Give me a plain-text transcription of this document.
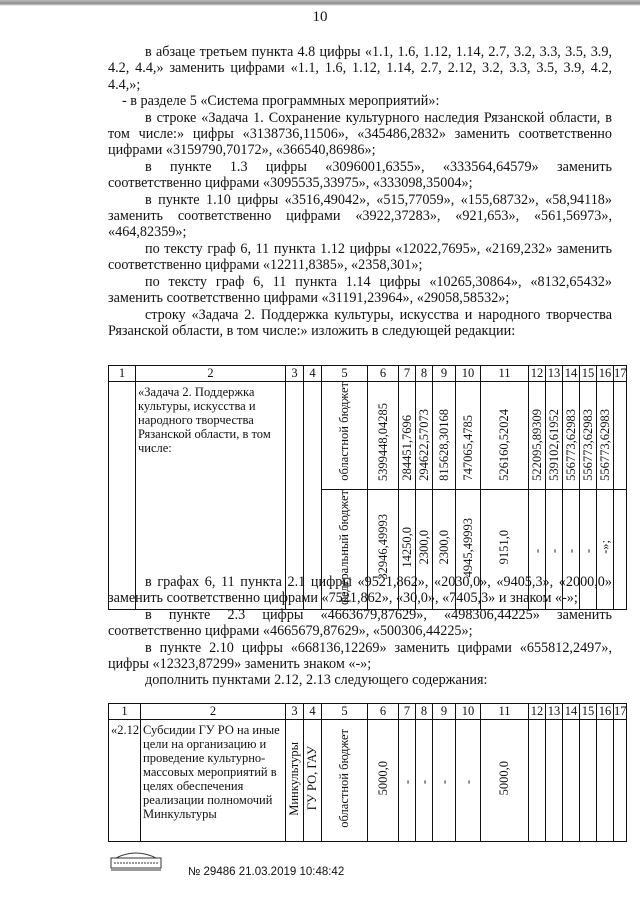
10

в абзаце третьем пункта 4.8 цифры «1.1, 1.6, 1.12, 1.14, 2.7, 3.2, 3.3, 3.5, 3.9, 4.2, 4.4,» заменить цифрами «1.1, 1.6, 1.12, 1.14, 2.7, 2.12, 3.2, 3.3, 3.5, 3.9, 4.2, 4.4,»;

- в разделе 5 «Система программных мероприятий»:

в строке «Задача 1. Сохранение культурного наследия Рязанской области, в том числе:» цифры «3138736,11506», «345486,2832» заменить соответственно цифрами «3159790,70172», «366540,86986»;

в пункте 1.3 цифры «3096001,6355», «333564,64579» заменить соответственно цифрами «3095535,33975», «333098,35004»;

в пункте 1.10 цифры «3516,49042», «515,77059», «155,68732», «58,94118» заменить соответственно цифрами «3922,37283», «921,653», «561,56973», «464,82359»;

по тексту граф 6, 11 пункта 1.12 цифры «12022,7695», «2169,232» заменить соответственно цифрами «12211,8385», «2358,301»;

по тексту граф 6, 11 пункта 1.14 цифры «10265,30864», «8132,65432» заменить соответственно цифрами «31191,23964», «29058,58532»;

строку «Задача 2. Поддержка культуры, искусства и народного творчества Рязанской области, в том числе:» изложить в следующей редакции:

1	2	3	4	5	6	7	8	9	10	11	12	13	14	15	16	17
	«Задача 2. Поддержка культуры, искусства и народного творчества Рязанской области, в том числе:			областной бюджет	5399448,04285	284451,7696	294622,57073	815628,30168	747065,4785	526160,52024	522095,89309	539102,61952	556773,62983	556773,62983	556773,62983	
				федеральный бюджет	32946,49993	14250,0	2300,0	2300,0	4945,49993	9151,0	-	-	-	-	-»;	

в графах 6, 11 пункта 2.1 цифры «9521,862», «2030,0», «9405,3», «2000,0» заменить соответственно цифрами «7521,862», «30,0», «7405,3» и знаком «-»;

в пункте 2.3 цифры «4663679,87629», «498306,44225» заменить соответственно цифрами «4665679,87629», «500306,44225»;

в пункте 2.10 цифры «668136,12269» заменить цифрами «655812,2497», цифры «12323,87299» заменить знаком «-»;

дополнить пунктами 2.12, 2.13 следующего содержания:

1	2	3	4	5	6	7	8	9	10	11	12	13	14	15	16	17
«2.12	Субсидии ГУ РО на иные цели на организацию и проведение культурно-массовых мероприятий в целях обеспечения реализации полномочий Минкультуры	Минкультуры	ГУ РО, ГАУ	областной бюджет	5000,0	-	-	-	-	5000,0						
№ 29486 21.03.2019 10:48:42
